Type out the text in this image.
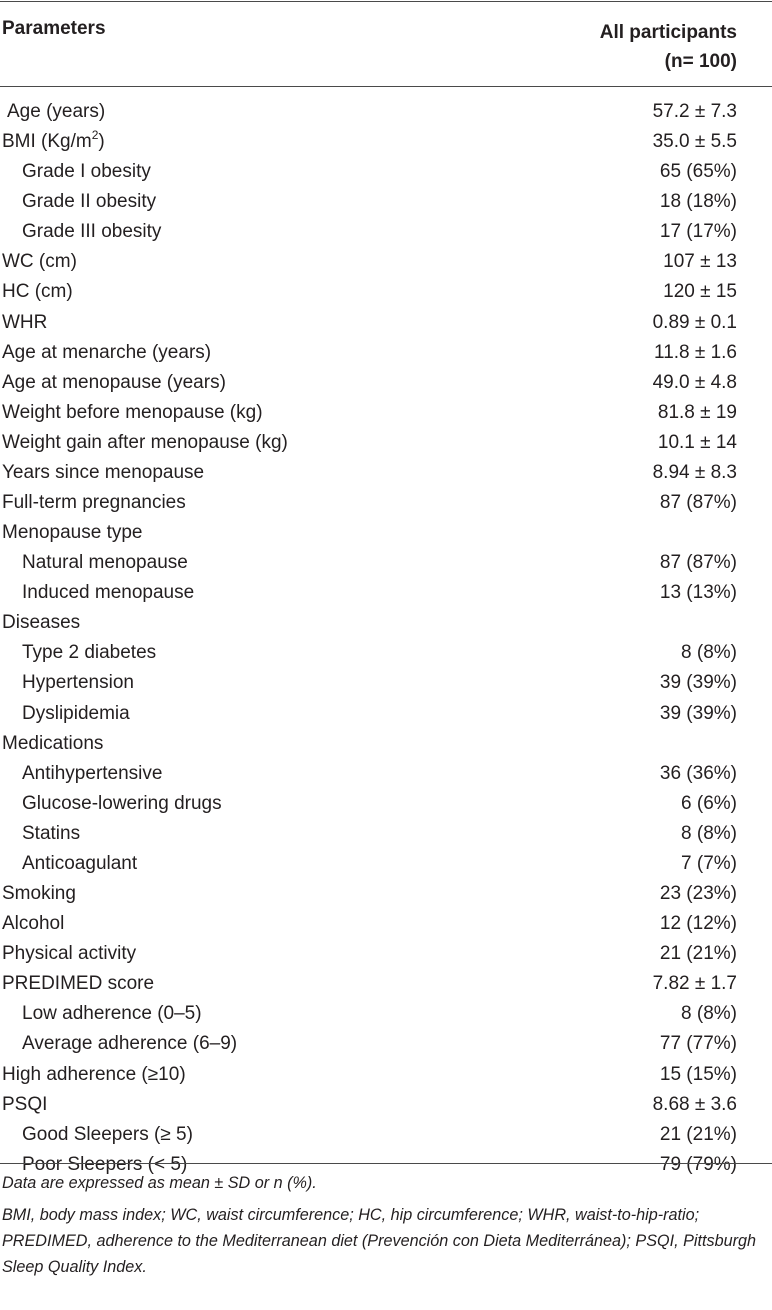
Parameters	All participants
(n= 100)
Age (years)	57.2 ± 7.3
BMI $(Kg/m^2)$	35.0 ± 5.5
Grade I obesity	65 (65%)
Grade II obesity	18 (18%)
Grade III obesity	17 (17%)
WC (cm)	107 ± 13
HC (cm)	120 ± 15
WHR	0.89 ± 0.1
Age at menarche (years)	11.8 ± 1.6
Age at menopause (years)	49.0 ± 4.8
Weight before menopause (kg)	81.8 ± 19
Weight gain after menopause (kg)	10.1 ± 14
Years since menopause	8.94 ± 8.3
Full-term pregnancies	87 (87%)
Menopause type
Natural menopause	87 (87%)
Induced menopause	13 (13%)
Diseases
Type 2 diabetes	8 (8%)
Hypertension	39 (39%)
Dyslipidemia	39 (39%)
Medications
Antihypertensive	36 (36%)
Glucose-lowering drugs	6 (6%)
Statins	8 (8%)
Anticoagulant	7 (7%)
Smoking	23 (23%)
Alcohol	12 (12%)
Physical activity	21 (21%)
PREDIMED score	7.82 ± 1.7
Low adherence (0–5)	8 (8%)
Average adherence (6–9)	77 (77%)
High adherence (≥10)	15 (15%)
PSQI	8.68 ± 3.6
Good Sleepers (≥ 5)	21 (21%)
Poor Sleepers (< 5)	79 (79%)

Data are expressed as mean ± SD or n (%).

BMI, body mass index; WC, waist circumference; HC, hip circumference; WHR, waist-to-hip-ratio; PREDIMED, adherence to the Mediterranean diet (Prevención con Dieta Mediterránea); PSQI, Pittsburgh Sleep Quality Index.
